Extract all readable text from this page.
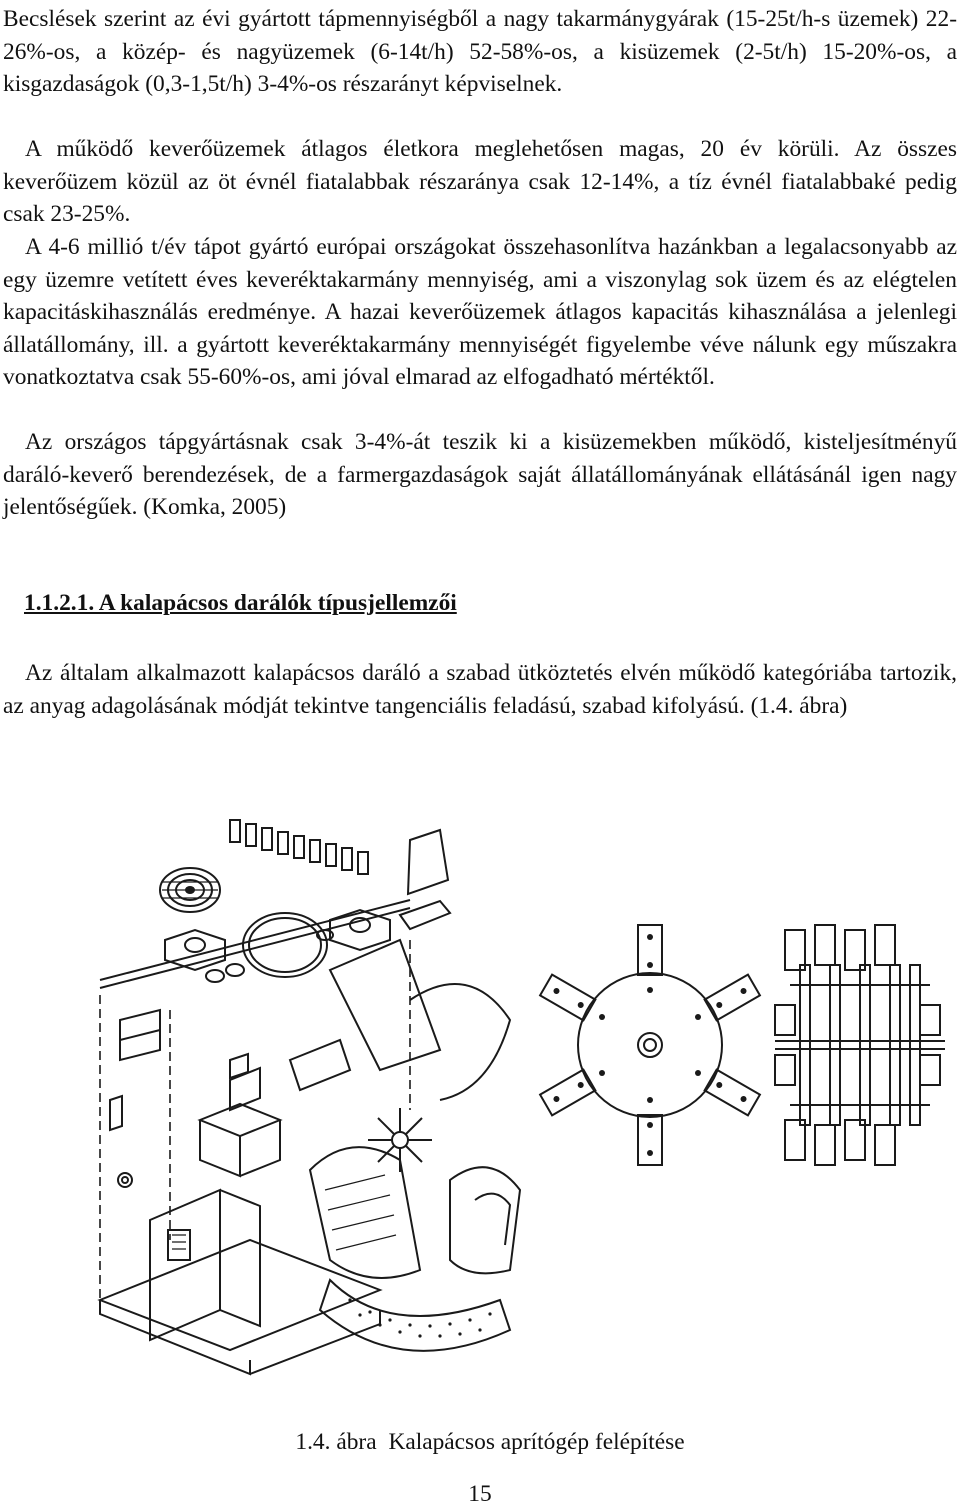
Becslések szerint az évi gyártott tápmennyiségből a nagy takarmánygyárak (15-25t/h-s üzemek) 22-26%-os, a közép- és nagyüzemek (6-14t/h) 52-58%-os, a kisüzemek (2-5t/h) 15-20%-os, a kisgazdaságok (0,3-1,5t/h) 3-4%-os részarányt képviselnek.

A működő keverőüzemek átlagos életkora meglehetősen magas, 20 év körüli. Az összes keverőüzem közül az öt évnél fiatalabbak részaránya csak 12-14%, a tíz évnél fiatalabbaké pedig csak 23-25%.

A 4-6 millió t/év tápot gyártó európai országokat összehasonlítva hazánkban a legalacsonyabb az egy üzemre vetített éves keveréktakarmány mennyiség, ami a viszonylag sok üzem és az elégtelen kapacitáskihasználás eredménye. A hazai keverőüzemek átlagos kapacitás kihasználása a jelenlegi állatállomány, ill. a gyártott keveréktakarmány mennyiségét figyelembe véve nálunk egy műszakra vonatkoztatva csak 55-60%-os, ami jóval elmarad az elfogadható mértéktől.

Az országos tápgyártásnak csak 3-4%-át teszik ki a kisüzemekben működő, kisteljesítményű daráló-keverő berendezések, de a farmergazdaságok saját állatállományának ellátásánál igen nagy jelentőségűek. (Komka, 2005)

1.1.2.1. A kalapácsos darálók típusjellemzői

Az általam alkalmazott kalapácsos daráló a szabad ütköztetés elvén működő kategóriába tartozik, az anyag adagolásának módját tekintve tangenciális feladású, szabad kifolyású. (1.4. ábra)

1.4. ábra Kalapácsos aprítógép felépítése
15
